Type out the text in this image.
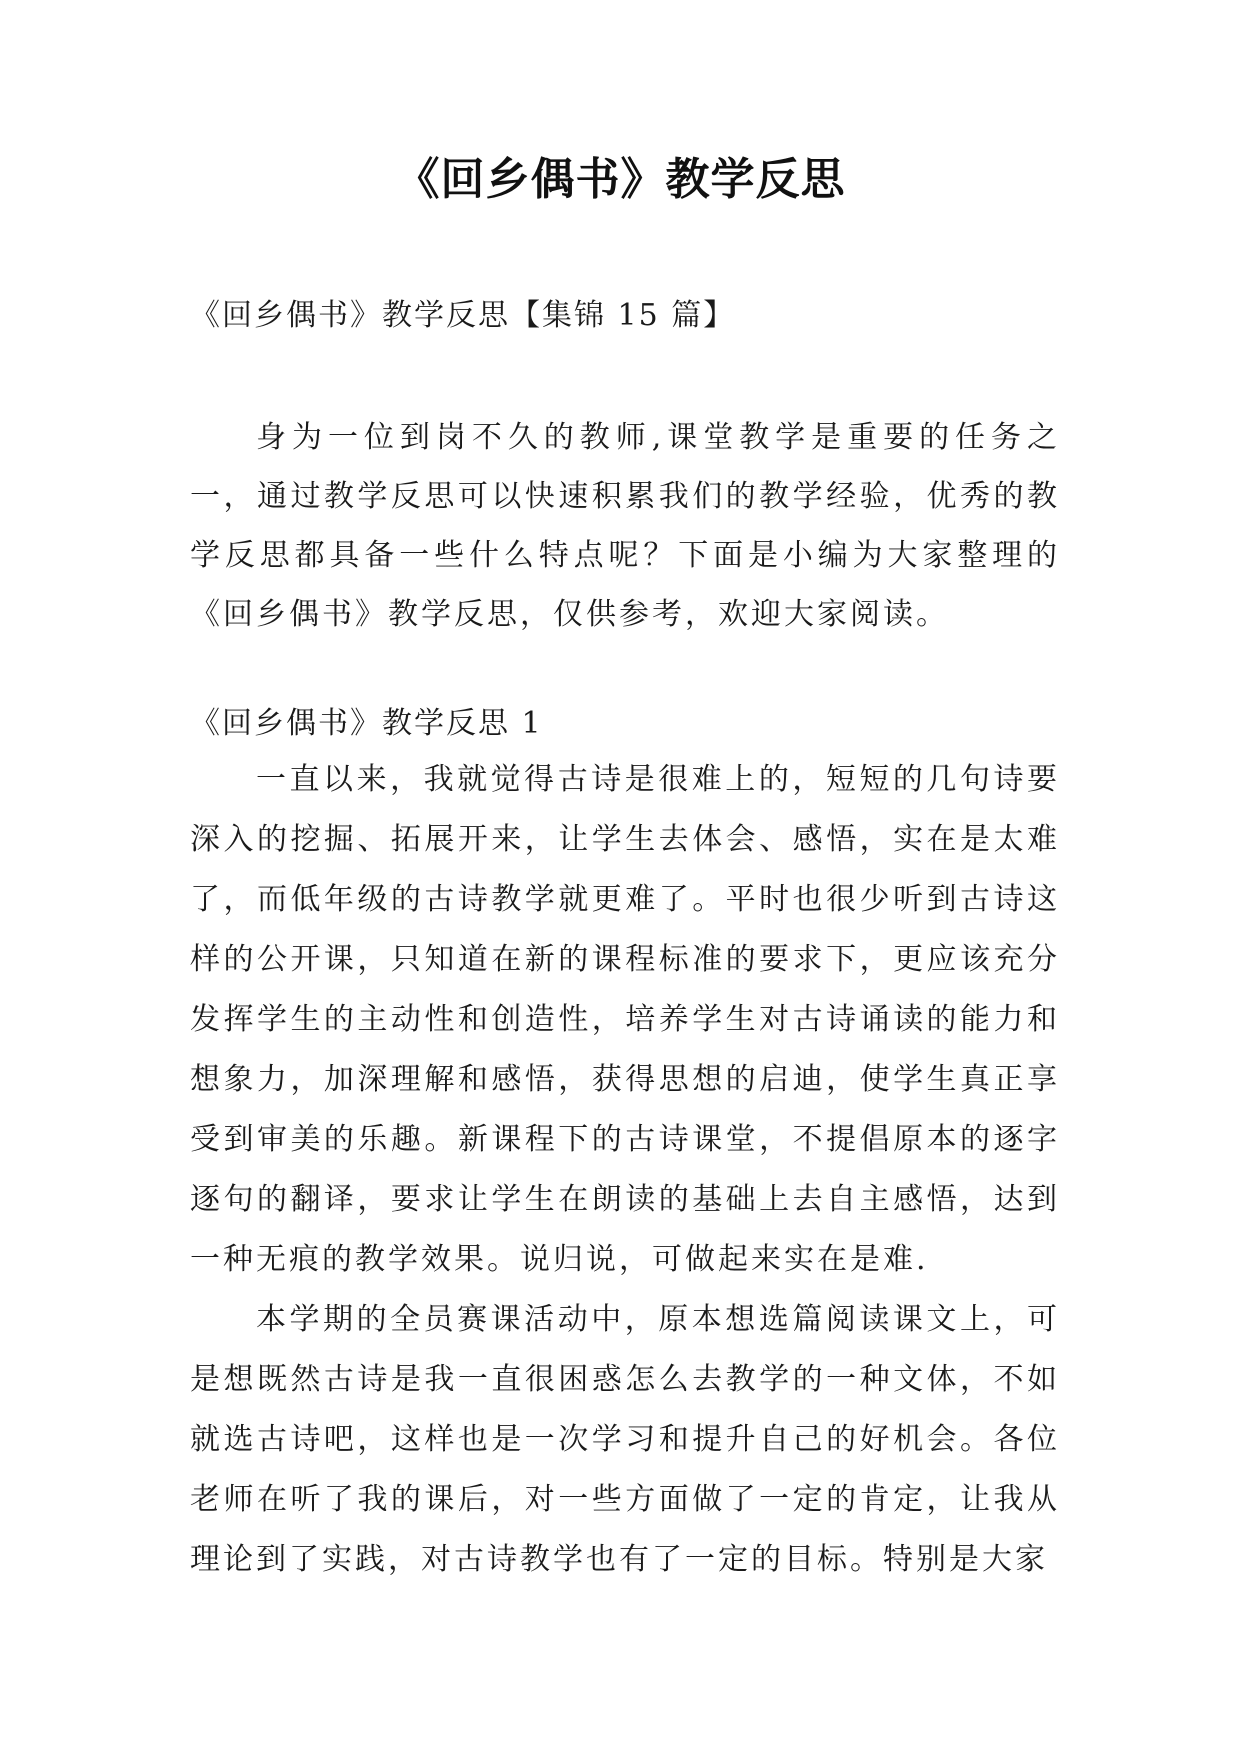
《回乡偶书》教学反思
《回乡偶书》教学反思【集锦 15 篇】
身为一位到岗不久的教师,课堂教学是重要的任务之一，通过教学反思可以快速积累我们的教学经验，优秀的教学反思都具备一些什么特点呢？下面是小编为大家整理的《回乡偶书》教学反思，仅供参考，欢迎大家阅读。
《回乡偶书》教学反思 1

一直以来，我就觉得古诗是很难上的，短短的几句诗要深入的挖掘、拓展开来，让学生去体会、感悟，实在是太难了，而低年级的古诗教学就更难了。平时也很少听到古诗这样的公开课，只知道在新的课程标准的要求下，更应该充分发挥学生的主动性和创造性，培养学生对古诗诵读的能力和想象力，加深理解和感悟，获得思想的启迪，使学生真正享受到审美的乐趣。新课程下的古诗课堂，不提倡原本的逐字逐句的翻译，要求让学生在朗读的基础上去自主感悟，达到一种无痕的教学效果。说归说，可做起来实在是难.

本学期的全员赛课活动中，原本想选篇阅读课文上，可是想既然古诗是我一直很困惑怎么去教学的一种文体，不如就选古诗吧，这样也是一次学习和提升自己的好机会。各位老师在听了我的课后，对一些方面做了一定的肯定，让我从理论到了实践，对古诗教学也有了一定的目标。特别是大家
